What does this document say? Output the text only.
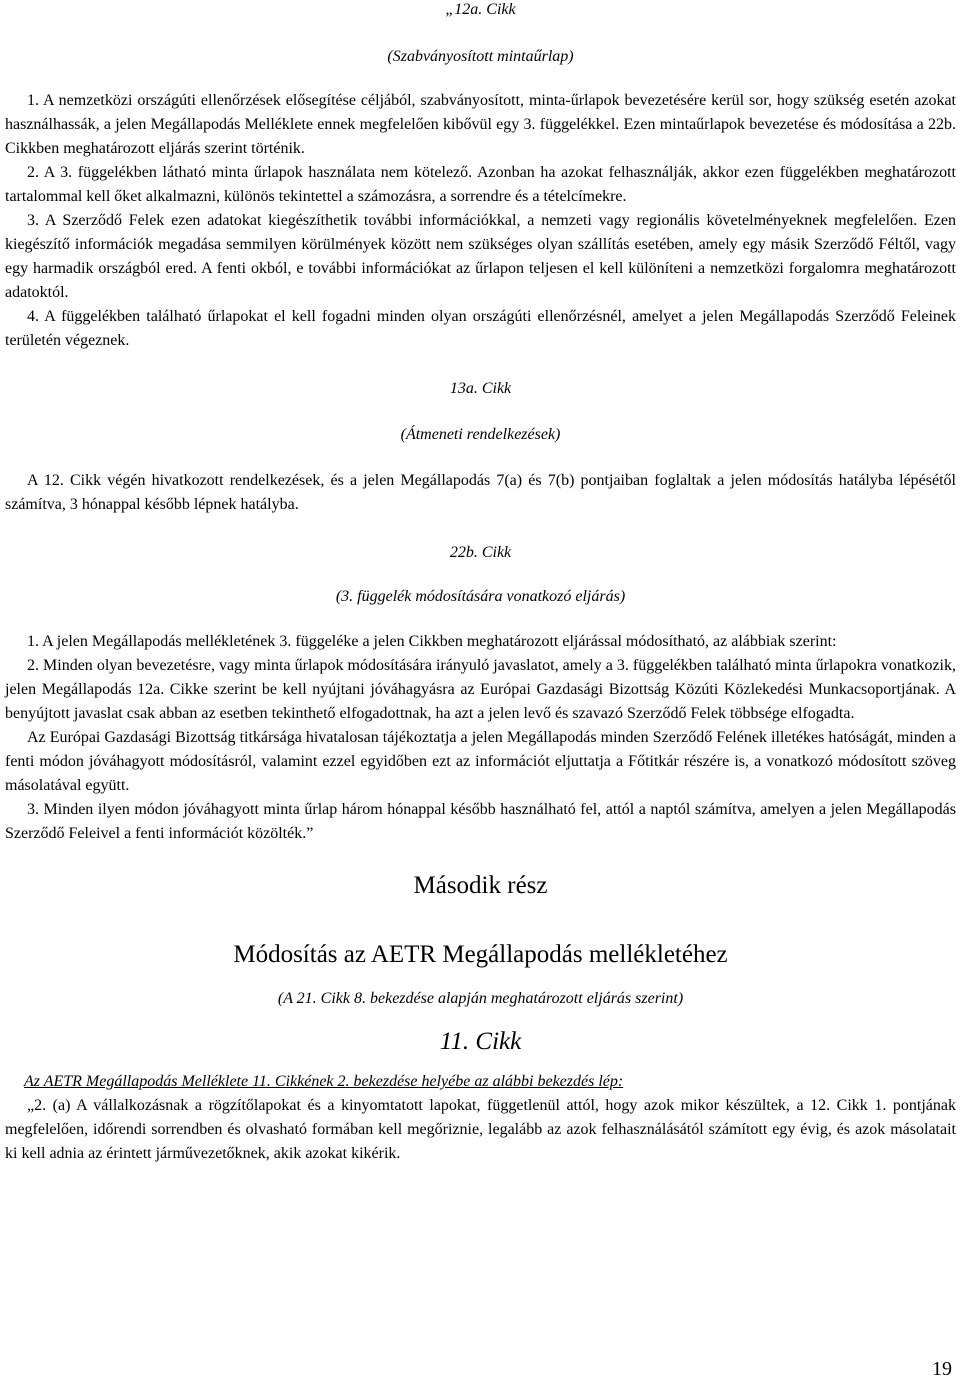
„12a. Cikk
(Szabványosított mintaűrlap)

1. A nemzetközi országúti ellenőrzések elősegítése céljából, szabványosított, minta-űrlapok bevezetésére kerül sor, hogy szükség esetén azokat használhassák, a jelen Megállapodás Melléklete ennek megfelelően kibővül egy 3. függelékkel. Ezen mintaűrlapok bevezetése és módosítása a 22b. Cikkben meghatározott eljárás szerint történik.

2. A 3. függelékben látható minta űrlapok használata nem kötelező. Azonban ha azokat felhasználják, akkor ezen függelékben meghatározott tartalommal kell őket alkalmazni, különös tekintettel a számozásra, a sorrendre és a tételcímekre.

3. A Szerződő Felek ezen adatokat kiegészíthetik további információkkal, a nemzeti vagy regionális követelményeknek megfelelően. Ezen kiegészítő információk megadása semmilyen körülmények között nem szükséges olyan szállítás esetében, amely egy másik Szerződő Féltől, vagy egy harmadik országból ered. A fenti okból, e további információkat az űrlapon teljesen el kell különíteni a nemzetközi forgalomra meghatározott adatoktól.

4. A függelékben található űrlapokat el kell fogadni minden olyan országúti ellenőrzésnél, amelyet a jelen Megállapodás Szerződő Feleinek területén végeznek.

13a. Cikk
(Átmeneti rendelkezések)

A 12. Cikk végén hivatkozott rendelkezések, és a jelen Megállapodás 7(a) és 7(b) pontjaiban foglaltak a jelen módosítás hatályba lépésétől számítva, 3 hónappal később lépnek hatályba.

22b. Cikk
(3. függelék módosítására vonatkozó eljárás)

1. A jelen Megállapodás mellékletének 3. függeléke a jelen Cikkben meghatározott eljárással módosítható, az alábbiak szerint:

2. Minden olyan bevezetésre, vagy minta űrlapok módosítására irányuló javaslatot, amely a 3. függelékben található minta űrlapokra vonatkozik, jelen Megállapodás 12a. Cikke szerint be kell nyújtani jóváhagyásra az Európai Gazdasági Bizottság Közúti Közlekedési Munkacsoportjának. A benyújtott javaslat csak abban az esetben tekinthető elfogadottnak, ha azt a jelen levő és szavazó Szerződő Felek többsége elfogadta.

Az Európai Gazdasági Bizottság titkársága hivatalosan tájékoztatja a jelen Megállapodás minden Szerződő Felének illetékes hatóságát, minden a fenti módon jóváhagyott módosításról, valamint ezzel egyidőben ezt az információt eljuttatja a Főtitkár részére is, a vonatkozó módosított szöveg másolatával együtt.

3. Minden ilyen módon jóváhagyott minta űrlap három hónappal később használható fel, attól a naptól számítva, amelyen a jelen Megállapodás Szerződő Feleivel a fenti információt közölték.”

Második rész
Módosítás az AETR Megállapodás mellékletéhez
(A 21. Cikk 8. bekezdése alapján meghatározott eljárás szerint)
11. Cikk

Az AETR Megállapodás Melléklete 11. Cikkének 2. bekezdése helyébe az alábbi bekezdés lép:

„2. (a) A vállalkozásnak a rögzítőlapokat és a kinyomtatott lapokat, függetlenül attól, hogy azok mikor készültek, a 12. Cikk 1. pontjának megfelelően, időrendi sorrendben és olvasható formában kell megőriznie, legalább az azok felhasználásától számított egy évig, és azok másolatait ki kell adnia az érintett járművezetőknek, akik azokat kikérik.

19
